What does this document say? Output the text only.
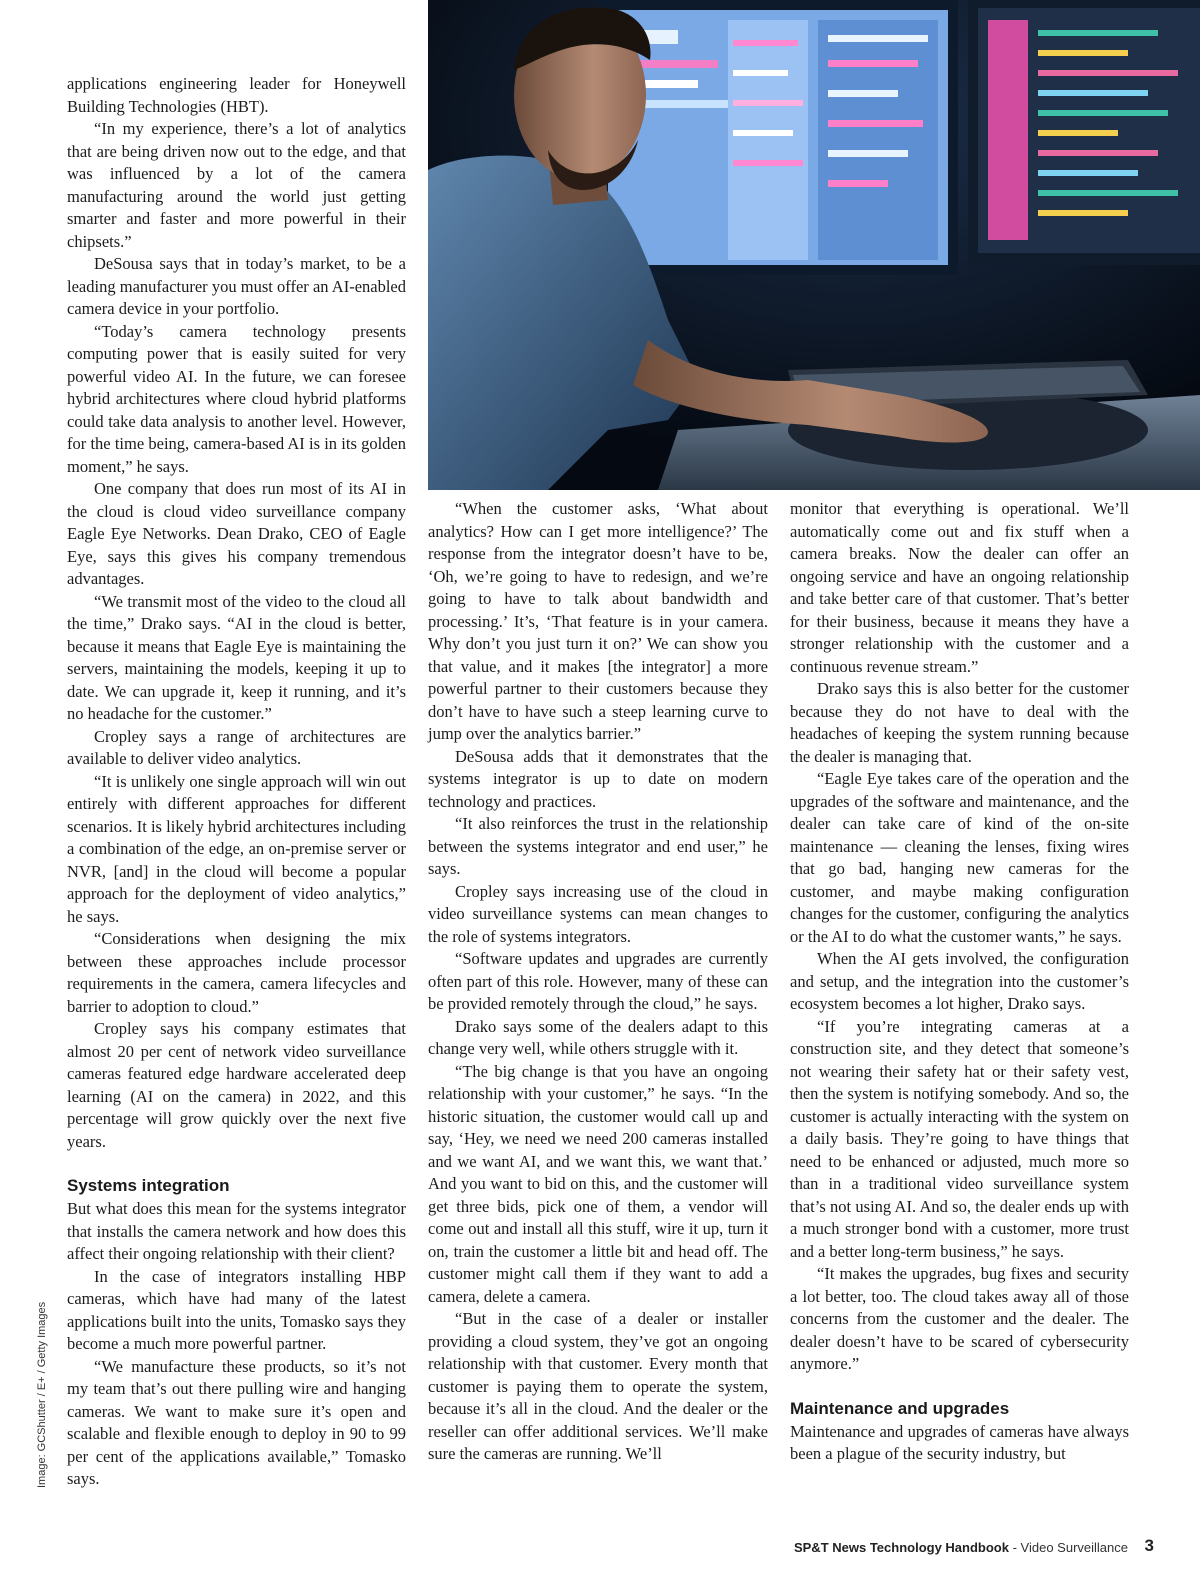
applications engineering leader for Honeywell Building Technologies (HBT).

“In my experience, there’s a lot of analytics that are being driven now out to the edge, and that was influenced by a lot of the camera manufacturing around the world just getting smarter and faster and more powerful in their chipsets.”

DeSousa says that in today’s market, to be a leading manufacturer you must offer an AI-enabled camera device in your portfolio.

“Today’s camera technology presents computing power that is easily suited for very powerful video AI. In the future, we can foresee hybrid architectures where cloud hybrid platforms could take data analysis to another level. However, for the time being, camera-based AI is in its golden moment,” he says.

One company that does run most of its AI in the cloud is cloud video surveillance company Eagle Eye Networks. Dean Drako, CEO of Eagle Eye, says this gives his company tremendous advantages.

“We transmit most of the video to the cloud all the time,” Drako says. “AI in the cloud is better, because it means that Eagle Eye is maintaining the servers, maintaining the models, keeping it up to date. We can upgrade it, keep it running, and it’s no headache for the customer.”

Cropley says a range of architectures are available to deliver video analytics.

“It is unlikely one single approach will win out entirely with different approaches for different scenarios. It is likely hybrid architectures including a combination of the edge, an on-premise server or NVR, [and] in the cloud will become a popular approach for the deployment of video analytics,” he says.

“Considerations when designing the mix between these approaches include processor requirements in the camera, camera lifecycles and barrier to adoption to cloud.”

Cropley says his company estimates that almost 20 per cent of network video surveillance cameras featured edge hardware accelerated deep learning (AI on the camera) in 2022, and this percentage will grow quickly over the next five years.

Systems integration

But what does this mean for the systems integrator that installs the camera network and how does this affect their ongoing relationship with their client?

In the case of integrators installing HBP cameras, which have had many of the latest applications built into the units, Tomasko says they become a much more powerful partner.

“We manufacture these products, so it’s not my team that’s out there pulling wire and hanging cameras. We want to make sure it’s open and scalable and flexible enough to deploy in 90 to 99 per cent of the applications available,” Tomasko says.

“When the customer asks, ‘What about analytics? How can I get more intelligence?’ The response from the integrator doesn’t have to be, ‘Oh, we’re going to have to redesign, and we’re going to have to talk about bandwidth and processing.’ It’s, ‘That feature is in your camera. Why don’t you just turn it on?’ We can show you that value, and it makes [the integrator] a more powerful partner to their customers because they don’t have to have such a steep learning curve to jump over the analytics barrier.”

DeSousa adds that it demonstrates that the systems integrator is up to date on modern technology and practices.

“It also reinforces the trust in the relationship between the systems integrator and end user,” he says.

Cropley says increasing use of the cloud in video surveillance systems can mean changes to the role of systems integrators.

“Software updates and upgrades are currently often part of this role. However, many of these can be provided remotely through the cloud,” he says.

Drako says some of the dealers adapt to this change very well, while others struggle with it.

“The big change is that you have an ongoing relationship with your customer,” he says. “In the historic situation, the customer would call up and say, ‘Hey, we need we need 200 cameras installed and we want AI, and we want this, we want that.’ And you want to bid on this, and the customer will get three bids, pick one of them, a vendor will come out and install all this stuff, wire it up, turn it on, train the customer a little bit and head off. The customer might call them if they want to add a camera, delete a camera.

“But in the case of a dealer or installer providing a cloud system, they’ve got an ongoing relationship with that customer. Every month that customer is paying them to operate the system, because it’s all in the cloud. And the dealer or the reseller can offer additional services. We’ll make sure the cameras are running. We’ll

monitor that everything is operational. We’ll automatically come out and fix stuff when a camera breaks. Now the dealer can offer an ongoing service and have an ongoing relationship and take better care of that customer. That’s better for their business, because it means they have a stronger relationship with the customer and a continuous revenue stream.”

Drako says this is also better for the customer because they do not have to deal with the headaches of keeping the system running because the dealer is managing that.

“Eagle Eye takes care of the operation and the upgrades of the software and maintenance, and the dealer can take care of kind of the on-site maintenance — cleaning the lenses, fixing wires that go bad, hanging new cameras for the customer, and maybe making configuration changes for the customer, configuring the analytics or the AI to do what the customer wants,” he says.

When the AI gets involved, the configuration and setup, and the integration into the customer’s ecosystem becomes a lot higher, Drako says.

“If you’re integrating cameras at a construction site, and they detect that someone’s not wearing their safety hat or their safety vest, then the system is notifying somebody. And so, the customer is actually interacting with the system on a daily basis. They’re going to have things that need to be enhanced or adjusted, much more so than in a traditional video surveillance system that’s not using AI. And so, the dealer ends up with a much stronger bond with a customer, more trust and a better long-term business,” he says.

“It makes the upgrades, bug fixes and security a lot better, too. The cloud takes away all of those concerns from the customer and the dealer. The dealer doesn’t have to be scared of cybersecurity anymore.”

Maintenance and upgrades

Maintenance and upgrades of cameras have always been a plague of the security industry, but

Image: GCShutter / E+ / Getty Images
SP&T News Technology Handbook - Video Surveillance 3
